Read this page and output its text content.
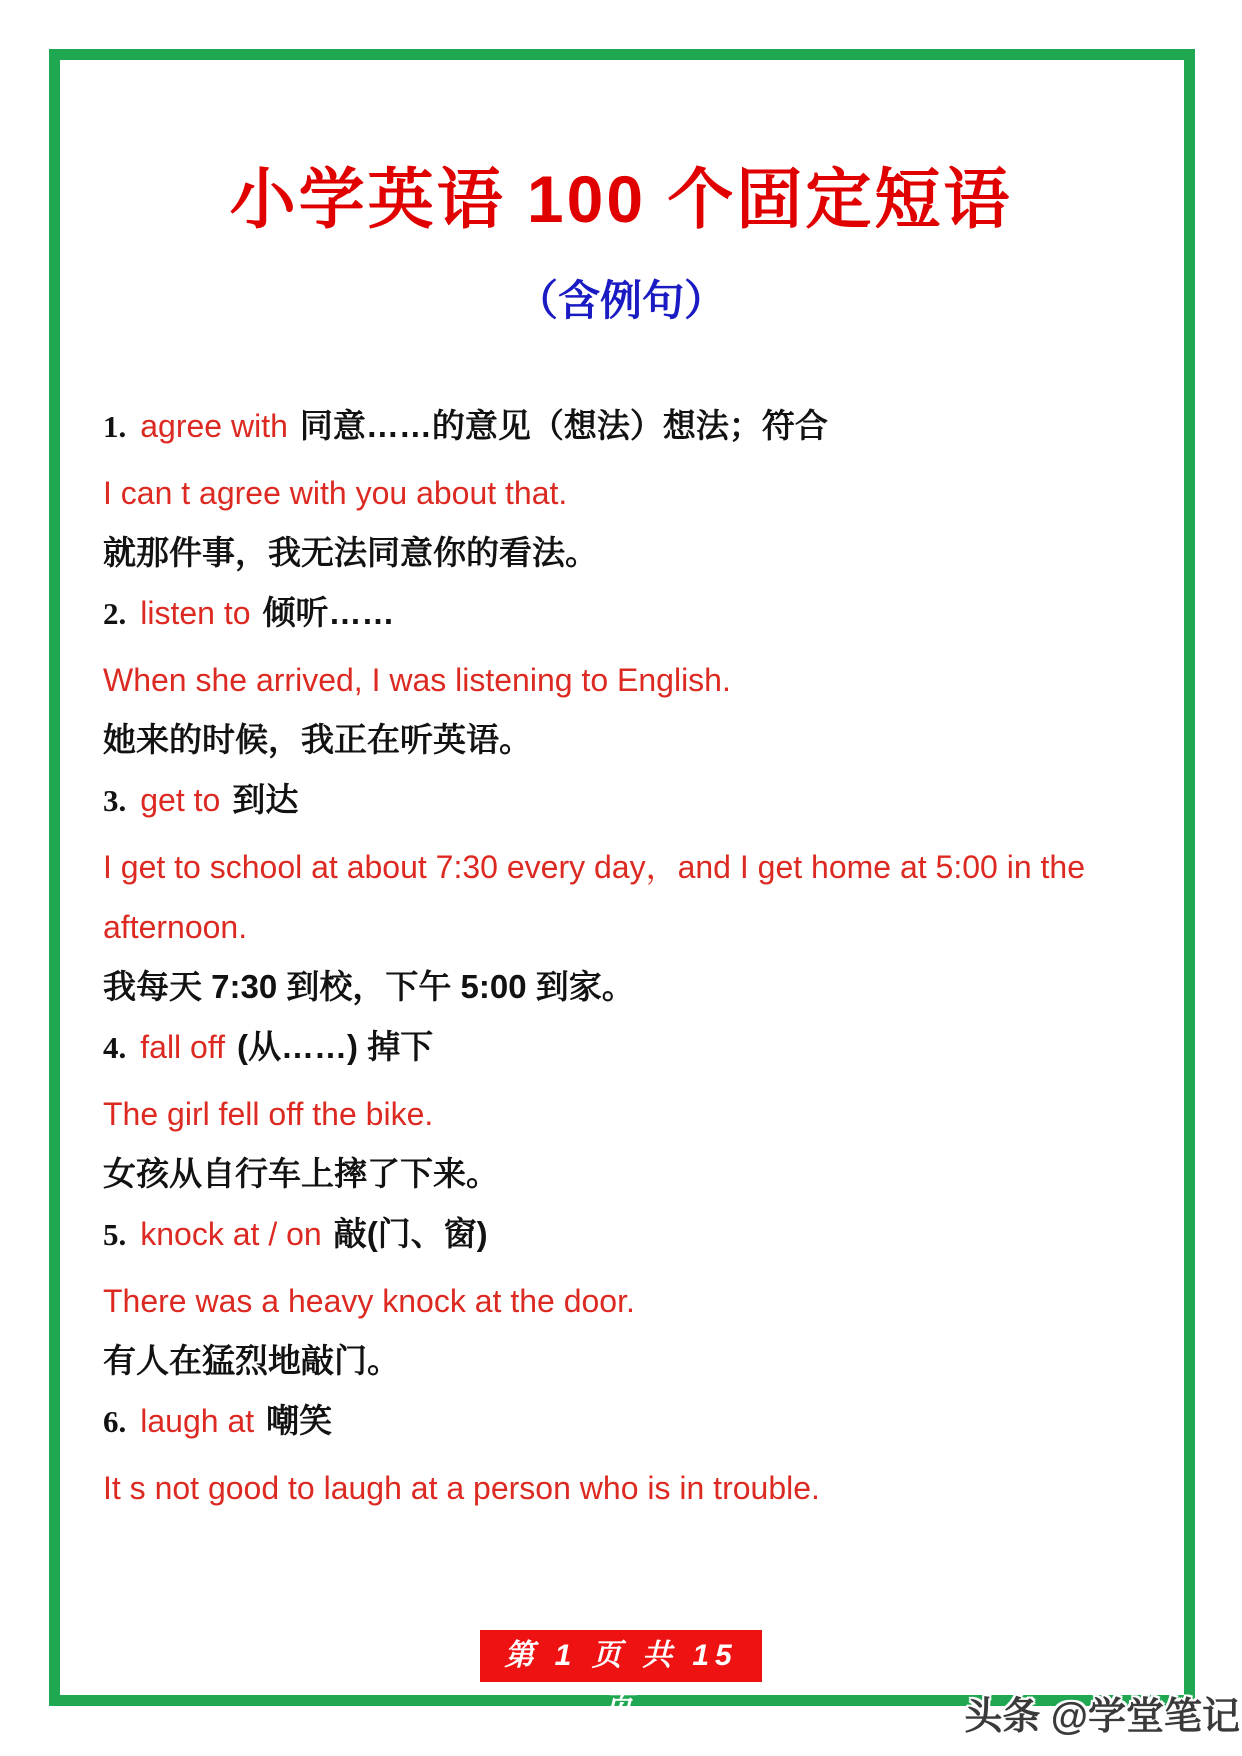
小学英语 100 个固定短语
（含例句）

1. agree with 同意……的意见（想法）想法；符合

I can t agree with you about that.

就那件事，我无法同意你的看法。

2. listen to 倾听……

When she arrived, I was listening to English.

她来的时候，我正在听英语。

3. get to 到达

I get to school at about 7:30 every day，and I get home at 5:00 in the afternoon.

我每天 7:30 到校，下午 5:00 到家。

4. fall off (从……) 掉下

The girl fell off the bike.

女孩从自行车上摔了下来。

5. knock at / on 敲(门、窗)

There was a heavy knock at the door.

有人在猛烈地敲门。

6. laugh at 嘲笑

It s not good to laugh at a person who is in trouble.

第 1 页 共 15 页	头条 @学堂笔记
